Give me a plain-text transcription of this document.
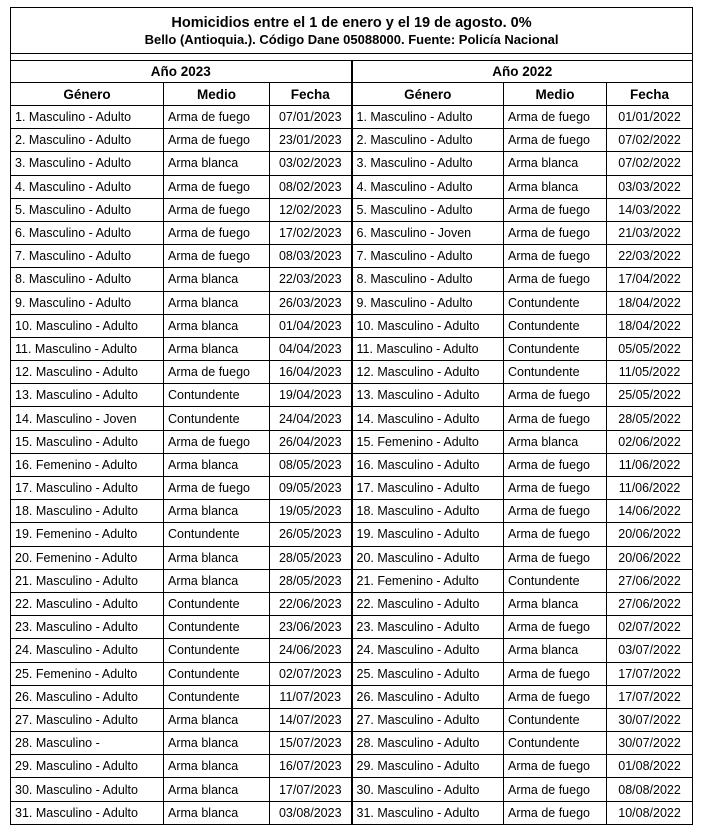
Homicidios entre el 1 de enero y el 19 de agosto. 0%
Bello (Antioquia.). Código Dane 05088000. Fuente: Policía Nacional					

Año 2023			Año 2022		
Género	Medio	Fecha	Género	Medio	Fecha
1. Masculino - Adulto	Arma de fuego	07/01/2023	1. Masculino - Adulto	Arma de fuego	01/01/2022
2. Masculino - Adulto	Arma de fuego	23/01/2023	2. Masculino - Adulto	Arma de fuego	07/02/2022
3. Masculino - Adulto	Arma blanca	03/02/2023	3. Masculino - Adulto	Arma blanca	07/02/2022
4. Masculino - Adulto	Arma de fuego	08/02/2023	4. Masculino - Adulto	Arma blanca	03/03/2022
5. Masculino - Adulto	Arma de fuego	12/02/2023	5. Masculino - Adulto	Arma de fuego	14/03/2022
6. Masculino - Adulto	Arma de fuego	17/02/2023	6. Masculino - Joven	Arma de fuego	21/03/2022
7. Masculino - Adulto	Arma de fuego	08/03/2023	7. Masculino - Adulto	Arma de fuego	22/03/2022
8. Masculino - Adulto	Arma blanca	22/03/2023	8. Masculino - Adulto	Arma de fuego	17/04/2022
9. Masculino - Adulto	Arma blanca	26/03/2023	9. Masculino - Adulto	Contundente	18/04/2022
10. Masculino - Adulto	Arma blanca	01/04/2023	10. Masculino - Adulto	Contundente	18/04/2022
11. Masculino - Adulto	Arma blanca	04/04/2023	11. Masculino - Adulto	Contundente	05/05/2022
12. Masculino - Adulto	Arma de fuego	16/04/2023	12. Masculino - Adulto	Contundente	11/05/2022
13. Masculino - Adulto	Contundente	19/04/2023	13. Masculino - Adulto	Arma de fuego	25/05/2022
14. Masculino - Joven	Contundente	24/04/2023	14. Masculino - Adulto	Arma de fuego	28/05/2022
15. Masculino - Adulto	Arma de fuego	26/04/2023	15. Femenino - Adulto	Arma blanca	02/06/2022
16. Femenino - Adulto	Arma blanca	08/05/2023	16. Masculino - Adulto	Arma de fuego	11/06/2022
17. Masculino - Adulto	Arma de fuego	09/05/2023	17. Masculino - Adulto	Arma de fuego	11/06/2022
18. Masculino - Adulto	Arma blanca	19/05/2023	18. Masculino - Adulto	Arma de fuego	14/06/2022
19. Femenino - Adulto	Contundente	26/05/2023	19. Masculino - Adulto	Arma de fuego	20/06/2022
20. Femenino - Adulto	Arma blanca	28/05/2023	20. Masculino - Adulto	Arma de fuego	20/06/2022
21. Masculino - Adulto	Arma blanca	28/05/2023	21. Femenino - Adulto	Contundente	27/06/2022
22. Masculino - Adulto	Contundente	22/06/2023	22. Masculino - Adulto	Arma blanca	27/06/2022
23. Masculino - Adulto	Contundente	23/06/2023	23. Masculino - Adulto	Arma de fuego	02/07/2022
24. Masculino - Adulto	Contundente	24/06/2023	24. Masculino - Adulto	Arma blanca	03/07/2022
25. Femenino - Adulto	Contundente	02/07/2023	25. Masculino - Adulto	Arma de fuego	17/07/2022
26. Masculino - Adulto	Contundente	11/07/2023	26. Masculino - Adulto	Arma de fuego	17/07/2022
27. Masculino - Adulto	Arma blanca	14/07/2023	27. Masculino - Adulto	Contundente	30/07/2022
28. Masculino -	Arma blanca	15/07/2023	28. Masculino - Adulto	Contundente	30/07/2022
29. Masculino - Adulto	Arma blanca	16/07/2023	29. Masculino - Adulto	Arma de fuego	01/08/2022
30. Masculino - Adulto	Arma blanca	17/07/2023	30. Masculino - Adulto	Arma de fuego	08/08/2022
31. Masculino - Adulto	Arma blanca	03/08/2023	31. Masculino - Adulto	Arma de fuego	10/08/2022
